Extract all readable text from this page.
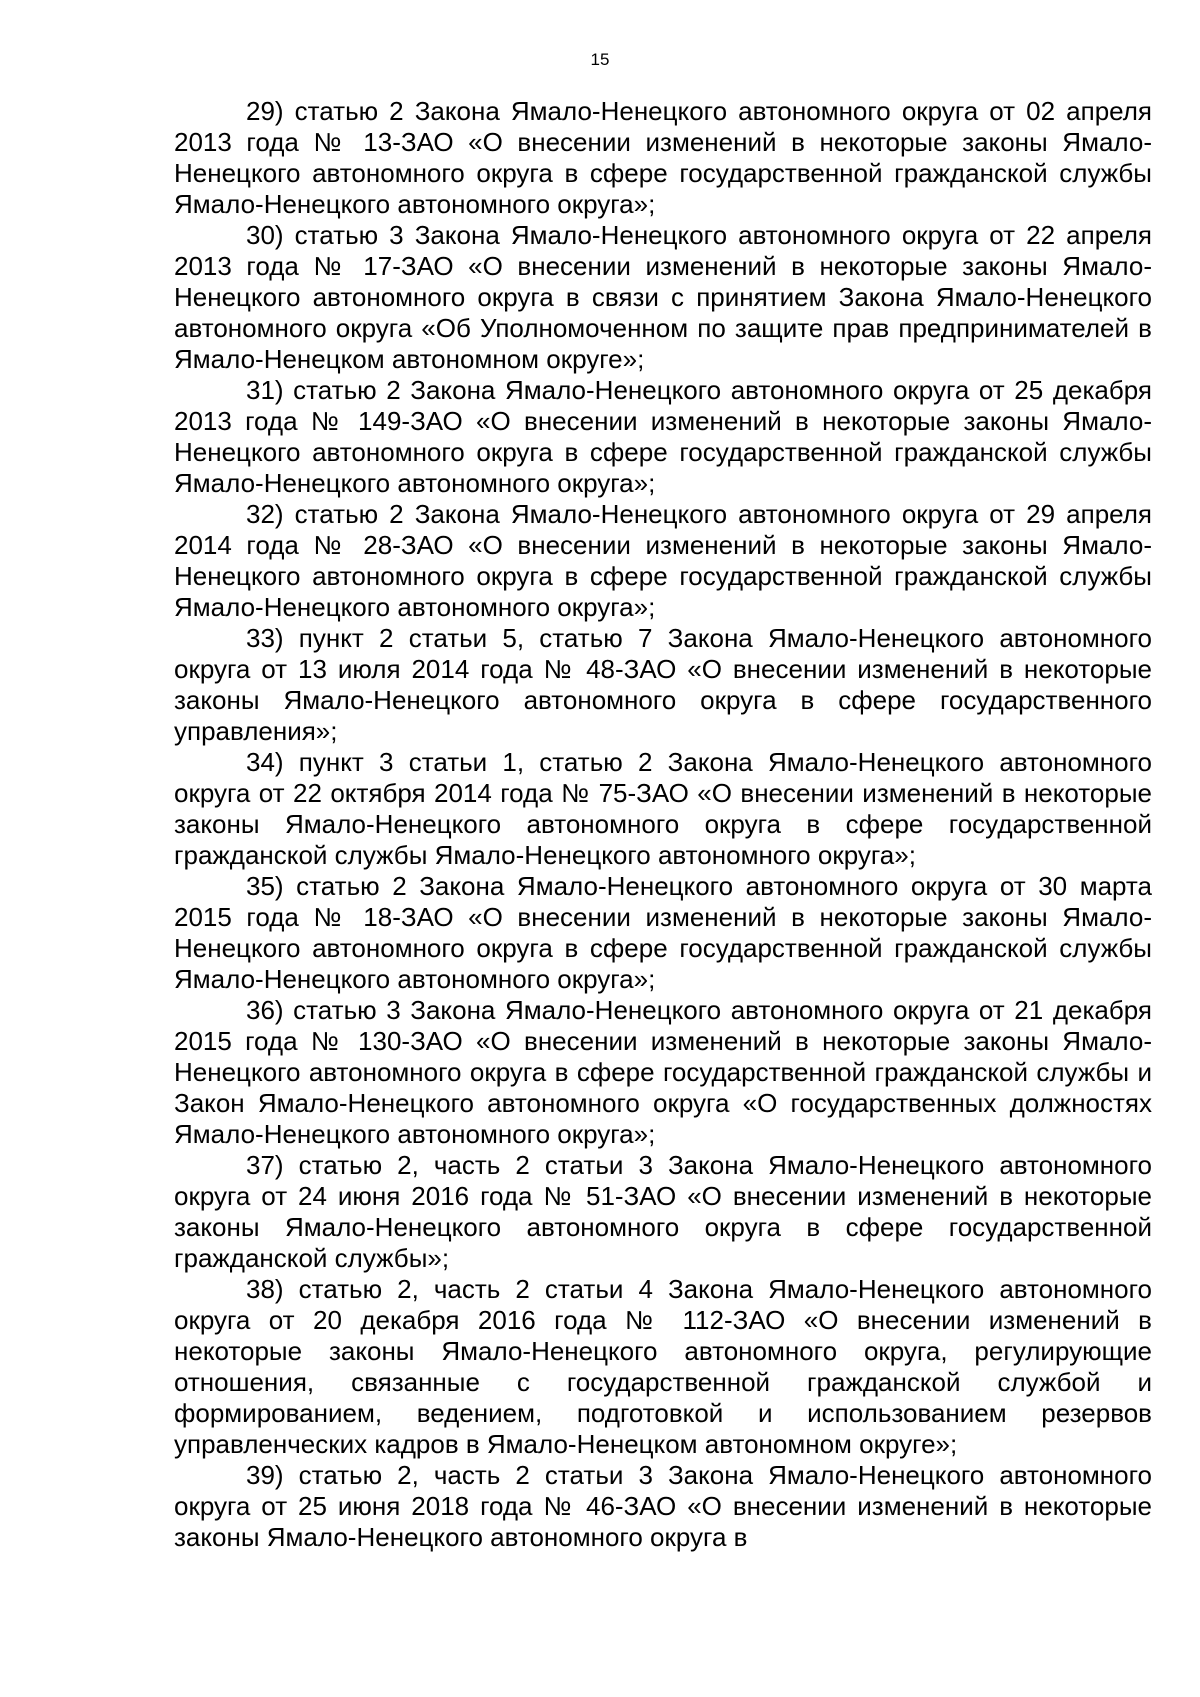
15

29) статью 2 Закона Ямало-Ненецкого автономного округа от 02 апреля 2013 года № 13-ЗАО «О внесении изменений в некоторые законы Ямало-Ненецкого автономного округа в сфере государственной гражданской службы Ямало-Ненецкого автономного округа»;

30) статью 3 Закона Ямало-Ненецкого автономного округа от 22 апреля 2013 года № 17-ЗАО «О внесении изменений в некоторые законы Ямало-Ненецкого автономного округа в связи с принятием Закона Ямало-Ненецкого автономного округа «Об Уполномоченном по защите прав предпринимателей в Ямало-Ненецком автономном округе»;

31) статью 2 Закона Ямало-Ненецкого автономного округа от 25 декабря 2013 года № 149-ЗАО «О внесении изменений в некоторые законы Ямало-Ненецкого автономного округа в сфере государственной гражданской службы Ямало-Ненецкого автономного округа»;

32) статью 2 Закона Ямало-Ненецкого автономного округа от 29 апреля 2014 года № 28-ЗАО «О внесении изменений в некоторые законы Ямало-Ненецкого автономного округа в сфере государственной гражданской службы Ямало-Ненецкого автономного округа»;

33) пункт 2 статьи 5, статью 7 Закона Ямало-Ненецкого автономного округа от 13 июля 2014 года № 48-ЗАО «О внесении изменений в некоторые законы Ямало-Ненецкого автономного округа в сфере государственного управления»;

34) пункт 3 статьи 1, статью 2 Закона Ямало-Ненецкого автономного округа от 22 октября 2014 года № 75-ЗАО «О внесении изменений в некоторые законы Ямало-Ненецкого автономного округа в сфере государственной гражданской службы Ямало-Ненецкого автономного округа»;

35) статью 2 Закона Ямало-Ненецкого автономного округа от 30 марта 2015 года № 18-ЗАО «О внесении изменений в некоторые законы Ямало-Ненецкого автономного округа в сфере государственной гражданской службы Ямало-Ненецкого автономного округа»;

36) статью 3 Закона Ямало-Ненецкого автономного округа от 21 декабря 2015 года № 130-ЗАО «О внесении изменений в некоторые законы Ямало-Ненецкого автономного округа в сфере государственной гражданской службы и Закон Ямало-Ненецкого автономного округа «О государственных должностях Ямало-Ненецкого автономного округа»;

37) статью 2, часть 2 статьи 3 Закона Ямало-Ненецкого автономного округа от 24 июня 2016 года № 51-ЗАО «О внесении изменений в некоторые законы Ямало-Ненецкого автономного округа в сфере государственной гражданской службы»;

38) статью 2, часть 2 статьи 4 Закона Ямало-Ненецкого автономного округа от 20 декабря 2016 года № 112-ЗАО «О внесении изменений в некоторые законы Ямало-Ненецкого автономного округа, регулирующие отношения, связанные с государственной гражданской службой и формированием, ведением, подготовкой и использованием резервов управленческих кадров в Ямало-Ненецком автономном округе»;

39) статью 2, часть 2 статьи 3 Закона Ямало-Ненецкого автономного округа от 25 июня 2018 года № 46-ЗАО «О внесении изменений в некоторые законы Ямало-Ненецкого автономного округа в
